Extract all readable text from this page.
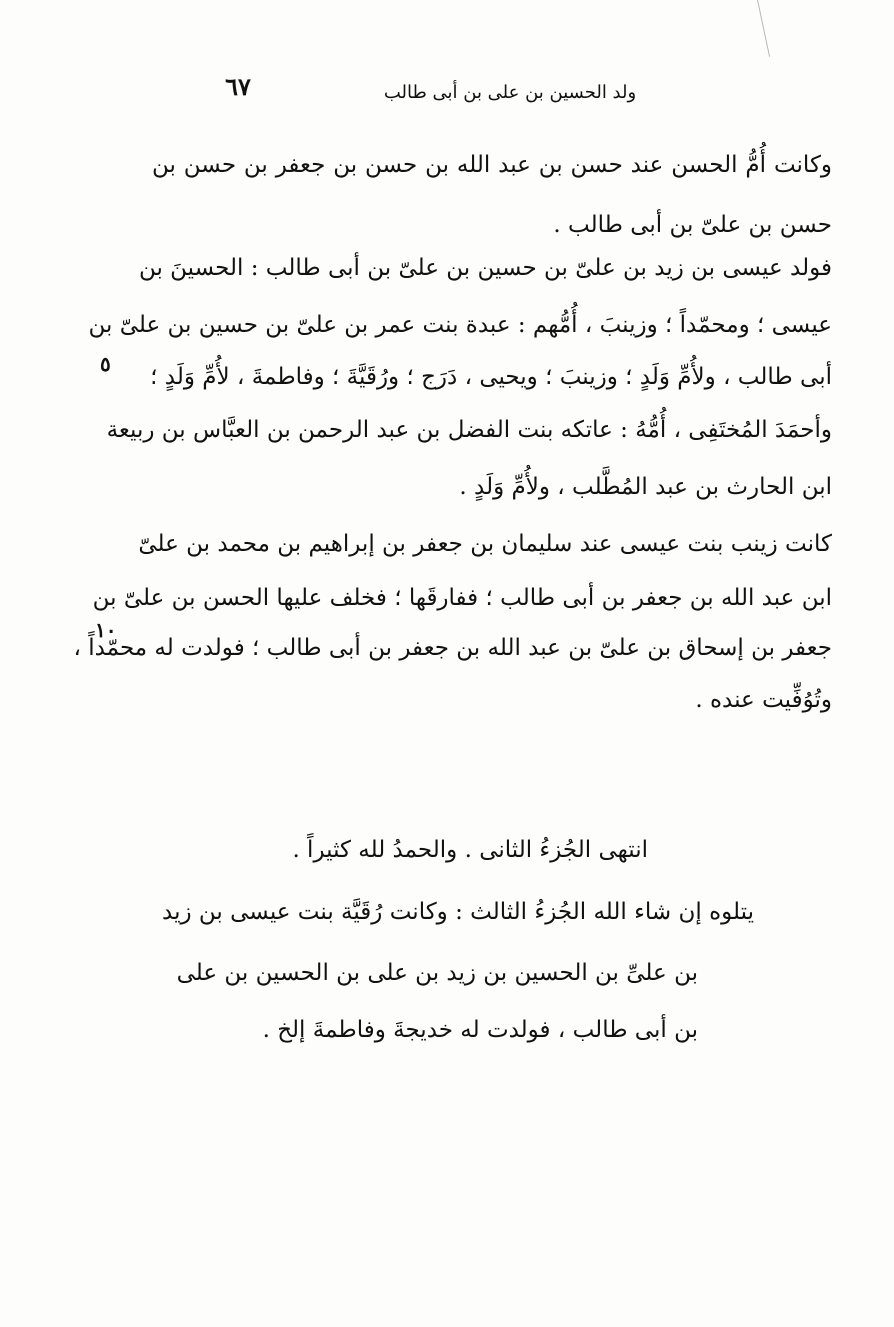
٦٧	ولد الحسين بن على بن أبى طالب
وكانت أُمُّ الحسن عند حسن بن عبد الله بن حسن بن جعفر بن حسن بن
حسن بن علىّ بن أبى طالب .
فولد عيسى بن زيد بن علىّ بن حسين بن علىّ بن أبى طالب : الحسينَ بن
عيسى ؛ ومحمّداً ؛ وزينبَ ، أُمُّهم : عبدة بنت عمر بن علىّ بن حسين بن علىّ بن
أبى طالب ، ولأُمِّ وَلَدٍ ؛ وزينبَ ؛ ويحيى ، دَرَج ؛ ورُقَيَّةَ ؛ وفاطمةَ ، لأُمِّ وَلَدٍ ؛
وأحمَدَ المُختَفِى ، أُمُّهُ : عاتكه بنت الفضل بن عبد الرحمن بن العبَّاس بن ربيعة
ابن الحارث بن عبد المُطَّلب ، ولأُمِّ وَلَدٍ .
كانت زينب بنت عيسى عند سليمان بن جعفر بن إبراهيم بن محمد بن علىّ
ابن عبد الله بن جعفر بن أبى طالب ؛ ففارقَها ؛ فخلف عليها الحسن بن علىّ بن
جعفر بن إسحاق بن علىّ بن عبد الله بن جعفر بن أبى طالب ؛ فولدت له محمّداً ،
وتُوُفِّيت عنده .
٥
١٠
انتهى الجُزءُ الثانى . والحمدُ لله كثيراً .
يتلوه إن شاء الله الجُزءُ الثالث : وكانت رُقَيَّة بنت عيسى بن زيد
بن علىِّ بن الحسين بن زيد بن على بن الحسين بن على
بن أبى طالب ، فولدت له خديجةَ وفاطمةَ إلخ .
